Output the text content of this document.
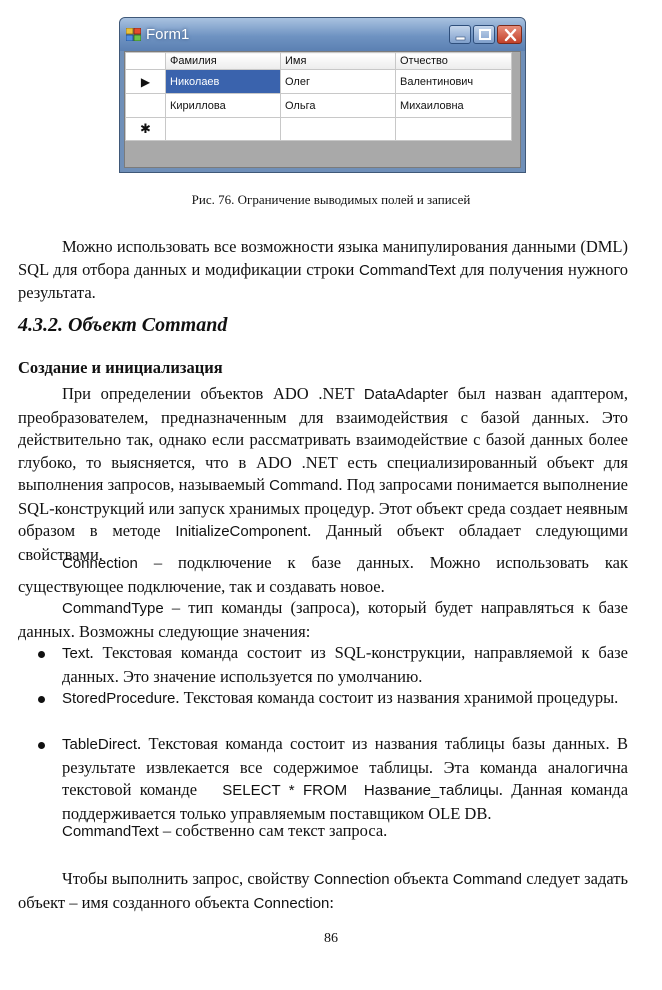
Form1
	Фамилия	Имя	Отчество
▶	Николаев	Олег	Валентинович
	Кириллова	Ольга	Михаиловна
✱			
Рис. 76. Ограничение выводимых полей и записей
Можно использовать все возможности языка манипулирования данными (DML) SQL для отбора данных и модификации строки CommandText для получения нужного результата.
4.3.2. Объект Command
Создание и инициализация
При определении объектов ADO .NET DataAdapter был назван адаптером, преобразователем, предназначенным для взаимодействия с базой данных. Это действительно так, однако если рассматривать взаимодействие с базой данных более глубоко, то выясняется, что в ADO .NET есть специализированный объект для выполнения запросов, называемый Command. Под запросами понимается выполнение SQL-конструкций или запуск хранимых процедур. Этот объект среда создает неявным образом в методе InitializeComponent. Данный объект обладает следующими свойствами.
Connection – подключение к базе данных. Можно использовать как существующее подключение, так и создавать новое.
CommandType – тип команды (запроса), который будет направляться к базе данных. Возможны следующие значения:
Text. Текстовая команда состоит из SQL-конструкции, направляемой к базе данных. Это значение используется по умолчанию.
StoredProcedure. Текстовая команда состоит из названия хранимой процедуры.
TableDirect. Текстовая команда состоит из названия таблицы базы данных. В результате извлекается все содержимое таблицы. Эта команда аналогична текстовой команде   SELECT * FROM  Название_таблицы. Данная команда поддерживается только управляемым поставщиком OLE DB.
CommandText – собственно сам текст запроса.
Чтобы выполнить запрос, свойству Connection объекта Command следует задать объект – имя созданного объекта Connection:
86
